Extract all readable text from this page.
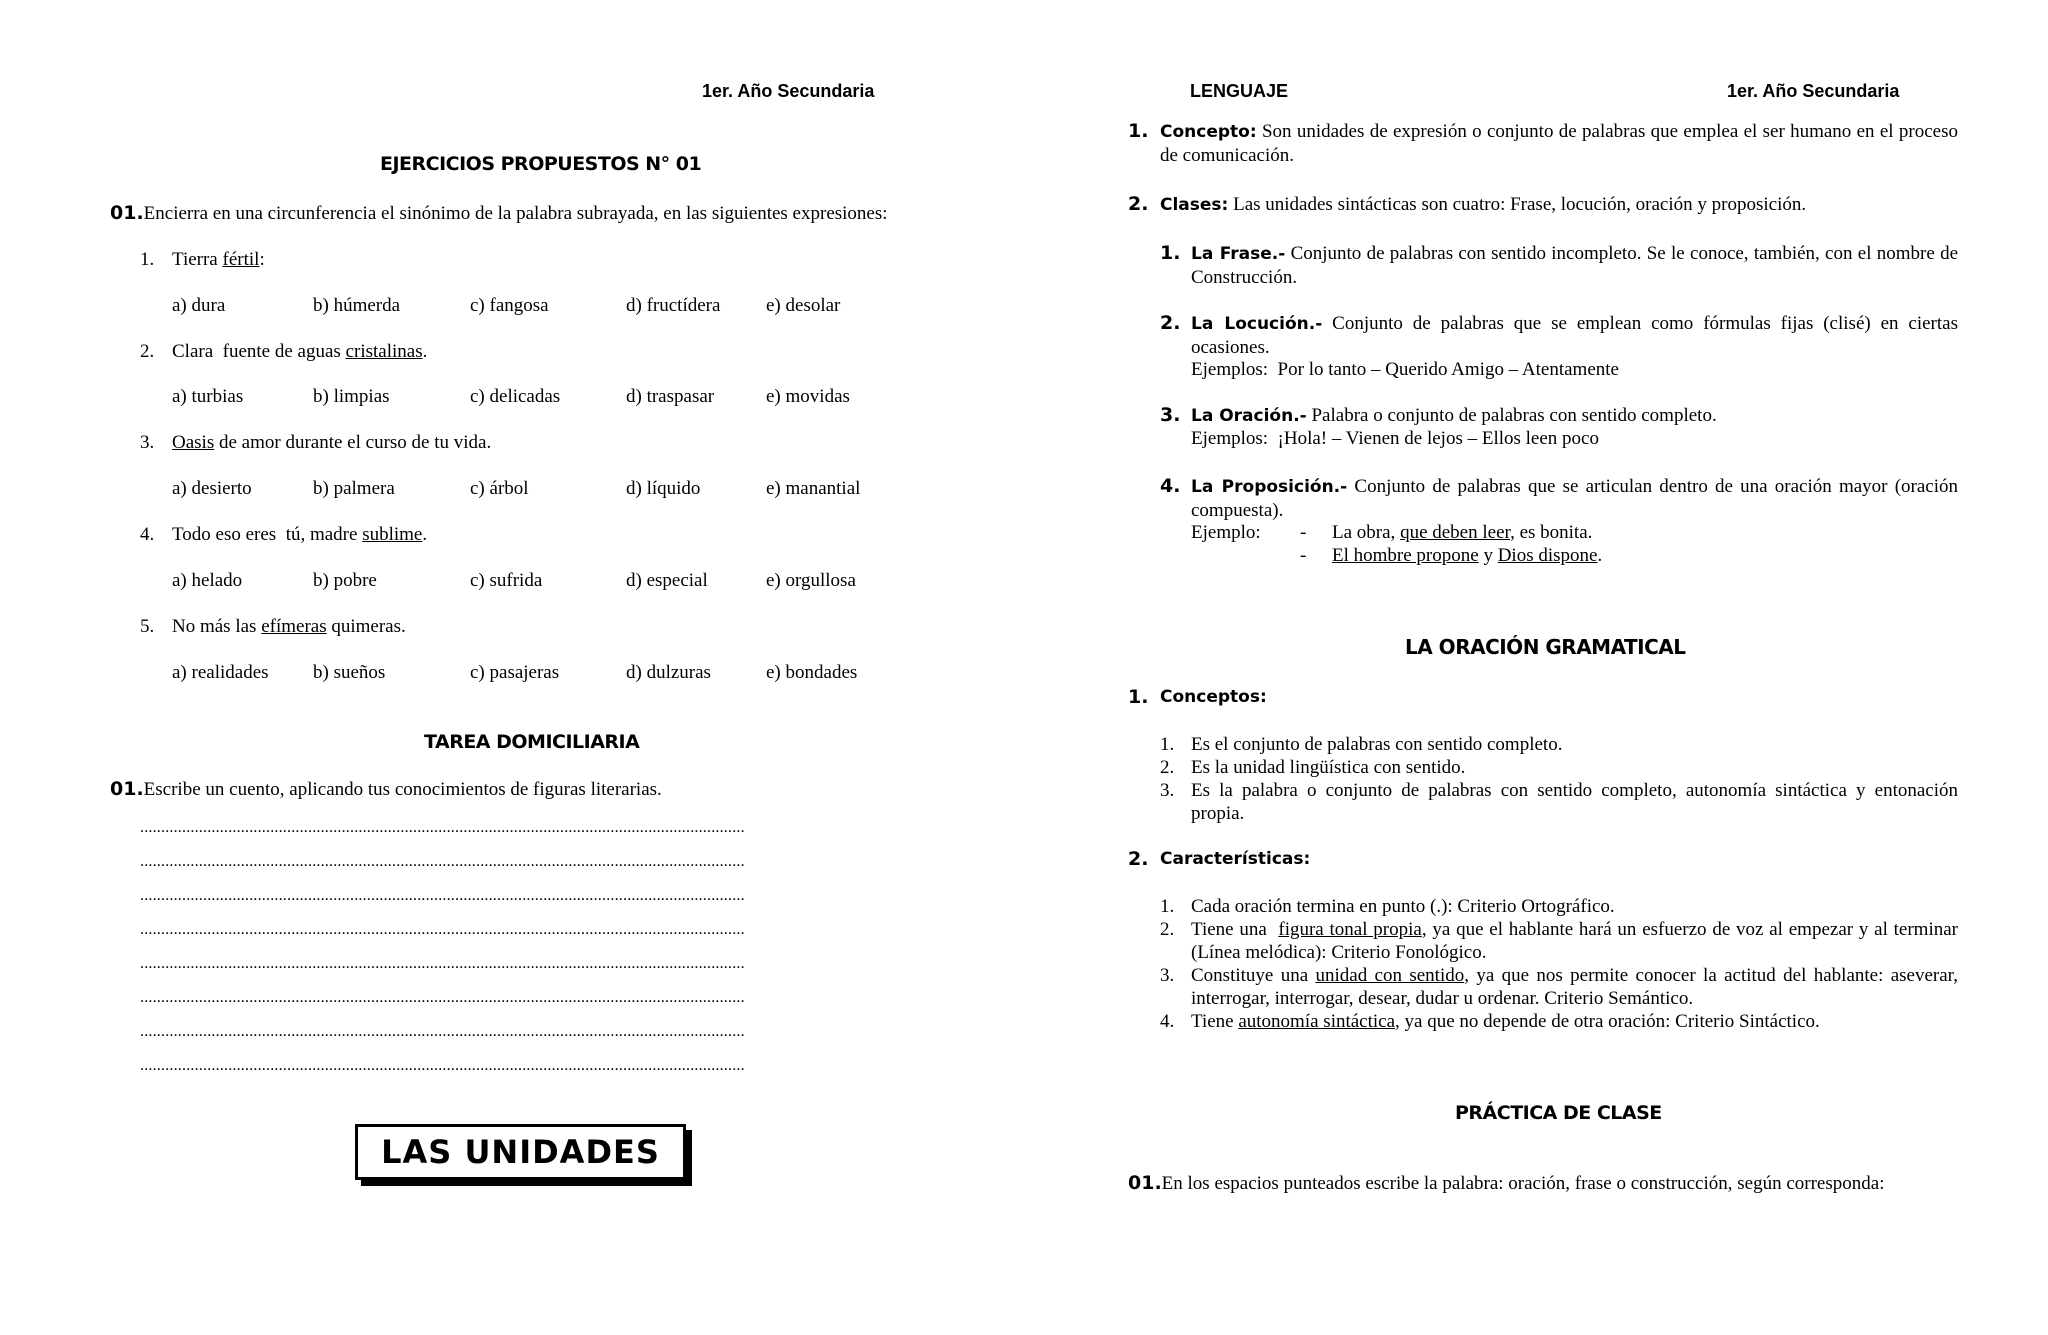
1er. Año Secundaria
EJERCICIOS PROPUESTOS N° 01
01.Encierra en una circunferencia el sinónimo de la palabra subrayada, en las siguientes expresiones:
1. Tierra fértil:
a) dura	b) húmerda	c) fangosa	d) fructídera e) desolar
2. Clara  fuente de aguas cristalinas.
a) turbias	b) limpias	c) delicadas	d) traspasar	e) movidas
3. Oasis de amor durante el curso de tu vida.
a) desierto	b) palmera	c) árbol	d) líquido	e) manantial
4. Todo eso eres  tú, madre sublime.
a) helado	b) pobre	c) sufrida	d) especial	e) orgullosa
5. No más las efímeras quimeras.
a) realidades b) sueños	c) pasajeras	d) dulzuras	e) bondades
TAREA DOMICILIARIA
01.Escribe un cuento, aplicando tus conocimientos de figuras literarias.
................................................................................................................................................
................................................................................................................................................
................................................................................................................................................
................................................................................................................................................
................................................................................................................................................
................................................................................................................................................
................................................................................................................................................
................................................................................................................................................
LAS UNIDADES
LENGUAJE	1er. Año Secundaria
1. Concepto: Son unidades de expresión o conjunto de palabras que emplea el ser humano en el proceso de comunicación.
2. Clases: Las unidades sintácticas son cuatro: Frase, locución, oración y proposición.
1. La Frase.- Conjunto de palabras con sentido incompleto. Se le conoce, también, con el nombre de Construcción.
2. La Locución.- Conjunto de palabras que se emplean como fórmulas fijas (clisé) en ciertas ocasiones.
Ejemplos:  Por lo tanto – Querido Amigo – Atentamente
3. La Oración.- Palabra o conjunto de palabras con sentido completo.
Ejemplos:  ¡Hola! – Vienen de lejos – Ellos leen poco
4. La Proposición.- Conjunto de palabras que se articulan dentro de una oración mayor (oración compuesta).
Ejemplo: - La obra, que deben leer, es bonita.
- El hombre propone y Dios dispone.
LA ORACIÓN GRAMATICAL
1. Conceptos:
1. Es el conjunto de palabras con sentido completo.
2. Es la unidad lingüística con sentido.
3. Es la palabra o conjunto de palabras con sentido completo, autonomía sintáctica y entonación propia.
2. Características:
1. Cada oración termina en punto (.): Criterio Ortográfico.
2. Tiene una  figura tonal propia, ya que el hablante hará un esfuerzo de voz al empezar y al terminar  (Línea melódica): Criterio Fonológico.
3. Constituye una unidad con sentido, ya que nos permite conocer la actitud del hablante: aseverar, interrogar, interrogar, desear, dudar u ordenar. Criterio Semántico.
4. Tiene autonomía sintáctica, ya que no depende de otra oración: Criterio Sintáctico.
PRÁCTICA DE CLASE
01.En los espacios punteados escribe la palabra: oración, frase o construcción, según corresponda:
